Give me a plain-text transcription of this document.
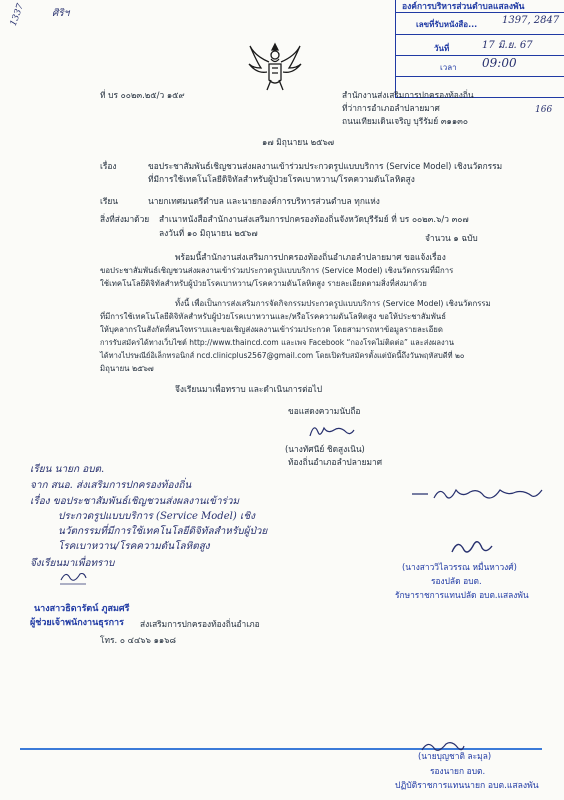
องค์การบริหารส่วนตำบลแสลงพัน
เลขที่รับหนังสือ... 1397, 2847
วันที่	17 มิ.ย. 67
เวลา 09:00
1337	ศิริฯ
166
ที่ บร ๐๐๒๓.๒๕/ว ๑๕๙	สำนักงานส่งเสริมการปกครองท้องถิ่น
ที่ว่าการอำเภอลำปลายมาศ
ถนนเทียมเดินเจริญ บุรีรัมย์ ๓๑๑๓๐
๑๗ มิถุนายน ๒๕๖๗
เรื่อง	ขอประชาสัมพันธ์เชิญชวนส่งผลงานเข้าร่วมประกวดรูปแบบบริการ (Service Model) เชิงนวัตกรรม
ที่มีการใช้เทคโนโลยีดิจิทัลสำหรับผู้ป่วยโรคเบาหวาน/โรคความดันโลหิตสูง
เรียน	นายกเทศมนตรีตำบล และนายกองค์การบริหารส่วนตำบล ทุกแห่ง
สิ่งที่ส่งมาด้วย สำเนาหนังสือสำนักงานส่งเสริมการปกครองท้องถิ่นจังหวัดบุรีรัมย์ ที่ บร ๐๐๒๓.๖/ว ๓๐๗
ลงวันที่ ๑๐ มิถุนายน ๒๕๖๗	จำนวน ๑ ฉบับ
พร้อมนี้สำนักงานส่งเสริมการปกครองท้องถิ่นอำเภอลำปลายมาศ ขอแจ้งเรื่อง
ขอประชาสัมพันธ์เชิญชวนส่งผลงานเข้าร่วมประกวดรูปแบบบริการ (Service Model) เชิงนวัตกรรมที่มีการ
ใช้เทคโนโลยีดิจิทัลสำหรับผู้ป่วยโรคเบาหวาน/โรคความดันโลหิตสูง รายละเอียดตามสิ่งที่ส่งมาด้วย
ทั้งนี้ เพื่อเป็นการส่งเสริมการจัดกิจกรรมประกวดรูปแบบบริการ (Service Model) เชิงนวัตกรรม
ที่มีการใช้เทคโนโลยีดิจิทัลสำหรับผู้ป่วยโรคเบาหวานและ/หรือโรคความดันโลหิตสูง ขอให้ประชาสัมพันธ์
ให้บุคลากรในสังกัดที่สนใจทราบและขอเชิญส่งผลงานเข้าร่วมประกวด โดยสามารถหาข้อมูลรายละเอียด
การรับสมัครได้ทางเว็บไซต์ http://www.thaincd.com และเพจ Facebook “กองโรคไม่ติดต่อ” และส่งผลงาน
ได้ทางไปรษณีย์อิเล็กทรอนิกส์ ncd.clinicplus2567@gmail.com โดยเปิดรับสมัครตั้งแต่บัดนี้ถึงวันพฤหัสบดีที่ ๒๐
มิถุนายน ๒๕๖๗
จึงเรียนมาเพื่อทราบ และดำเนินการต่อไป
ขอแสดงความนับถือ
(นางทัศนีย์ ชิดสูงเนิน)
ท้องถิ่นอำเภอลำปลายมาศ
เรียน นายก อบต.
จาก สนอ. ส่งเสริมการปกครองท้องถิ่น
เรื่อง ขอประชาสัมพันธ์เชิญชวนส่งผลงานเข้าร่วม
ประกวดรูปแบบบริการ (Service Model) เชิง
นวัตกรรมที่มีการใช้เทคโนโลยีดิจิทัลสำหรับผู้ป่วย
โรคเบาหวาน/โรคความดันโลหิตสูง
จึงเรียนมาเพื่อทราบ	(นางสาววิไลวรรณ หมื่นหาวงศ์)
รองปลัด อบต.
รักษาราชการแทนปลัด อบต.แสลงพัน
นางสาวธิดารัตน์ ภูสมศรี
ผู้ช่วยเจ้าพนักงานธุรการ ส่งเสริมการปกครองท้องถิ่นอำเภอ
โทร. ๐ ๔๔๖๖ ๑๑๖๘
(นายบุญชาติ ละมุล)
รองนายก อบต.
ปฏิบัติราชการแทนนายก อบต.แสลงพัน
